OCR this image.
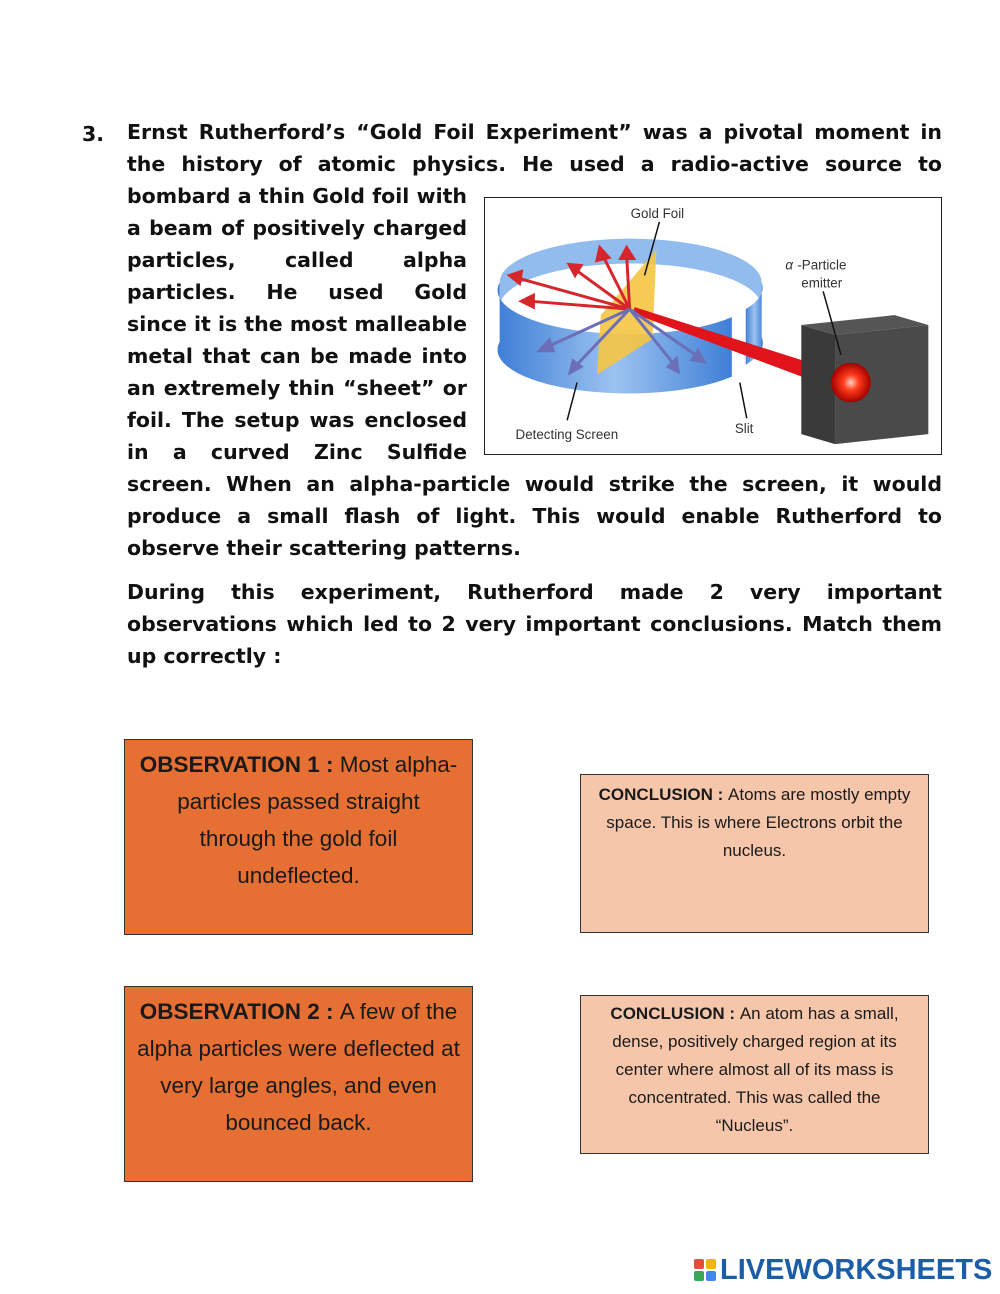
3. Ernst Rutherford’s “Gold Foil Experiment” was a pivotal moment in
the history of atomic physics. He used a radio-active source to
bombard a thin Gold foil with
a beam of positively charged
particles, called alpha
particles. He used Gold
since it is the most malleable
metal that can be made into
an extremely thin “sheet” or
foil. The setup was enclosed
in a curved Zinc Sulfide
Gold Foil
α -Particle
emitter
Detecting Screen	Slit
screen. When an alpha-particle would strike the screen, it would
produce a small flash of light. This would enable Rutherford to
observe their scattering patterns.
During this experiment, Rutherford made 2 very important
observations which led to 2 very important conclusions. Match them
up correctly :
OBSERVATION 1 : Most alpha-particles passed straight through the gold foil undeflected.
OBSERVATION 2 : A few of the alpha particles were deflected at very large angles, and even bounced back.
CONCLUSION : Atoms are mostly empty space. This is where Electrons orbit the nucleus.
CONCLUSION : An atom has a small, dense, positively charged region at its center where almost all of its mass is concentrated. This was called the “Nucleus”.
LIVEWORKSHEETS
